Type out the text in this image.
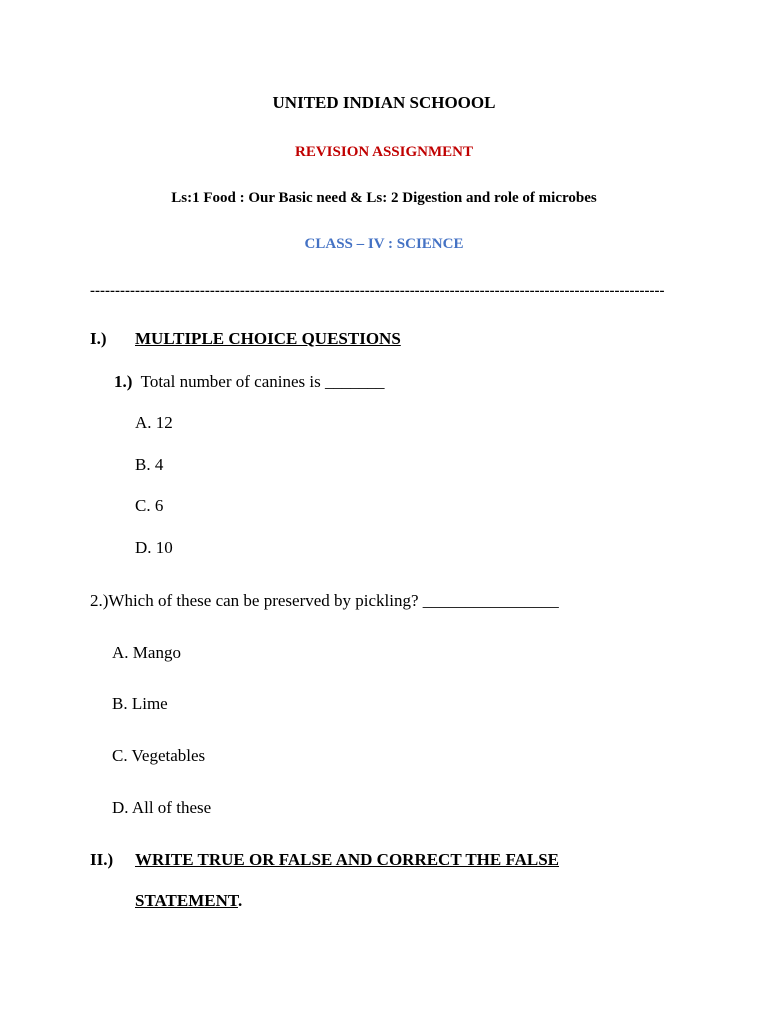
UNITED INDIAN SCHOOOL
REVISION ASSIGNMENT
Ls:1 Food : Our Basic need & Ls: 2 Digestion and role of microbes
CLASS – IV : SCIENCE
-------------------------------------------------------------------------------------------------------------------
I.) MULTIPLE CHOICE QUESTIONS
1.) Total number of canines is _______
A. 12
B. 4
C. 6
D. 10
2.)Which of these can be preserved by pickling? ________________
A. Mango
B. Lime
C. Vegetables
D. All of these
II.) WRITE TRUE OR FALSE AND CORRECT THE FALSE
STATEMENT.
